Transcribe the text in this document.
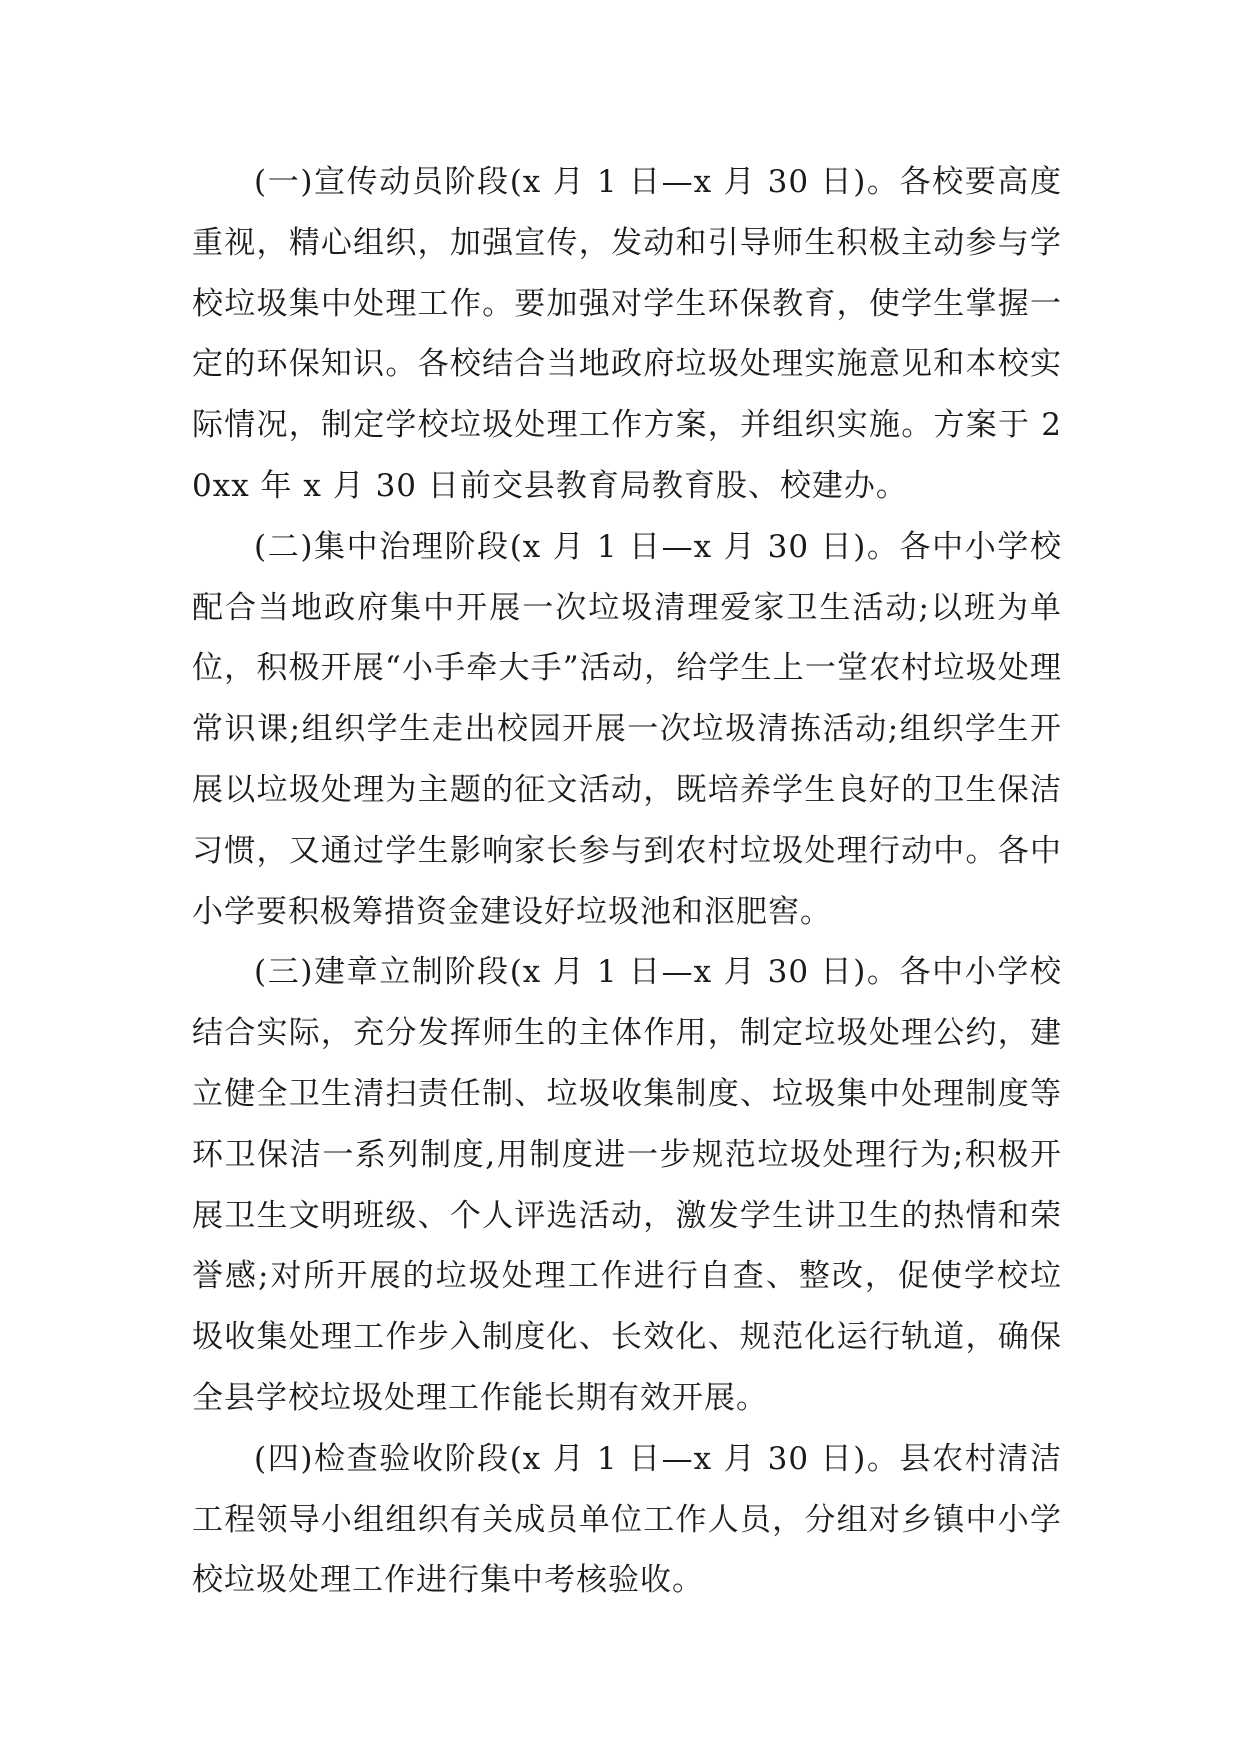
(一)宣传动员阶段(x 月 1 日—x 月 30 日)。各校要高度重视，精心组织，加强宣传，发动和引导师生积极主动参与学校垃圾集中处理工作。要加强对学生环保教育，使学生掌握一定的环保知识。各校结合当地政府垃圾处理实施意见和本校实际情况，制定学校垃圾处理工作方案，并组织实施。方案于 20xx 年 x 月 30 日前交县教育局教育股、校建办。

(二)集中治理阶段(x 月 1 日—x 月 30 日)。各中小学校配合当地政府集中开展一次垃圾清理爱家卫生活动;以班为单位，积极开展“小手牵大手”活动，给学生上一堂农村垃圾处理常识课;组织学生走出校园开展一次垃圾清拣活动;组织学生开展以垃圾处理为主题的征文活动，既培养学生良好的卫生保洁习惯，又通过学生影响家长参与到农村垃圾处理行动中。各中小学要积极筹措资金建设好垃圾池和沤肥窖。

(三)建章立制阶段(x 月 1 日—x 月 30 日)。各中小学校结合实际，充分发挥师生的主体作用，制定垃圾处理公约，建立健全卫生清扫责任制、垃圾收集制度、垃圾集中处理制度等环卫保洁一系列制度,用制度进一步规范垃圾处理行为;积极开展卫生文明班级、个人评选活动，激发学生讲卫生的热情和荣誉感;对所开展的垃圾处理工作进行自查、整改，促使学校垃圾收集处理工作步入制度化、长效化、规范化运行轨道，确保全县学校垃圾处理工作能长期有效开展。

(四)检查验收阶段(x 月 1 日—x 月 30 日)。县农村清洁工程领导小组组织有关成员单位工作人员，分组对乡镇中小学校垃圾处理工作进行集中考核验收。
